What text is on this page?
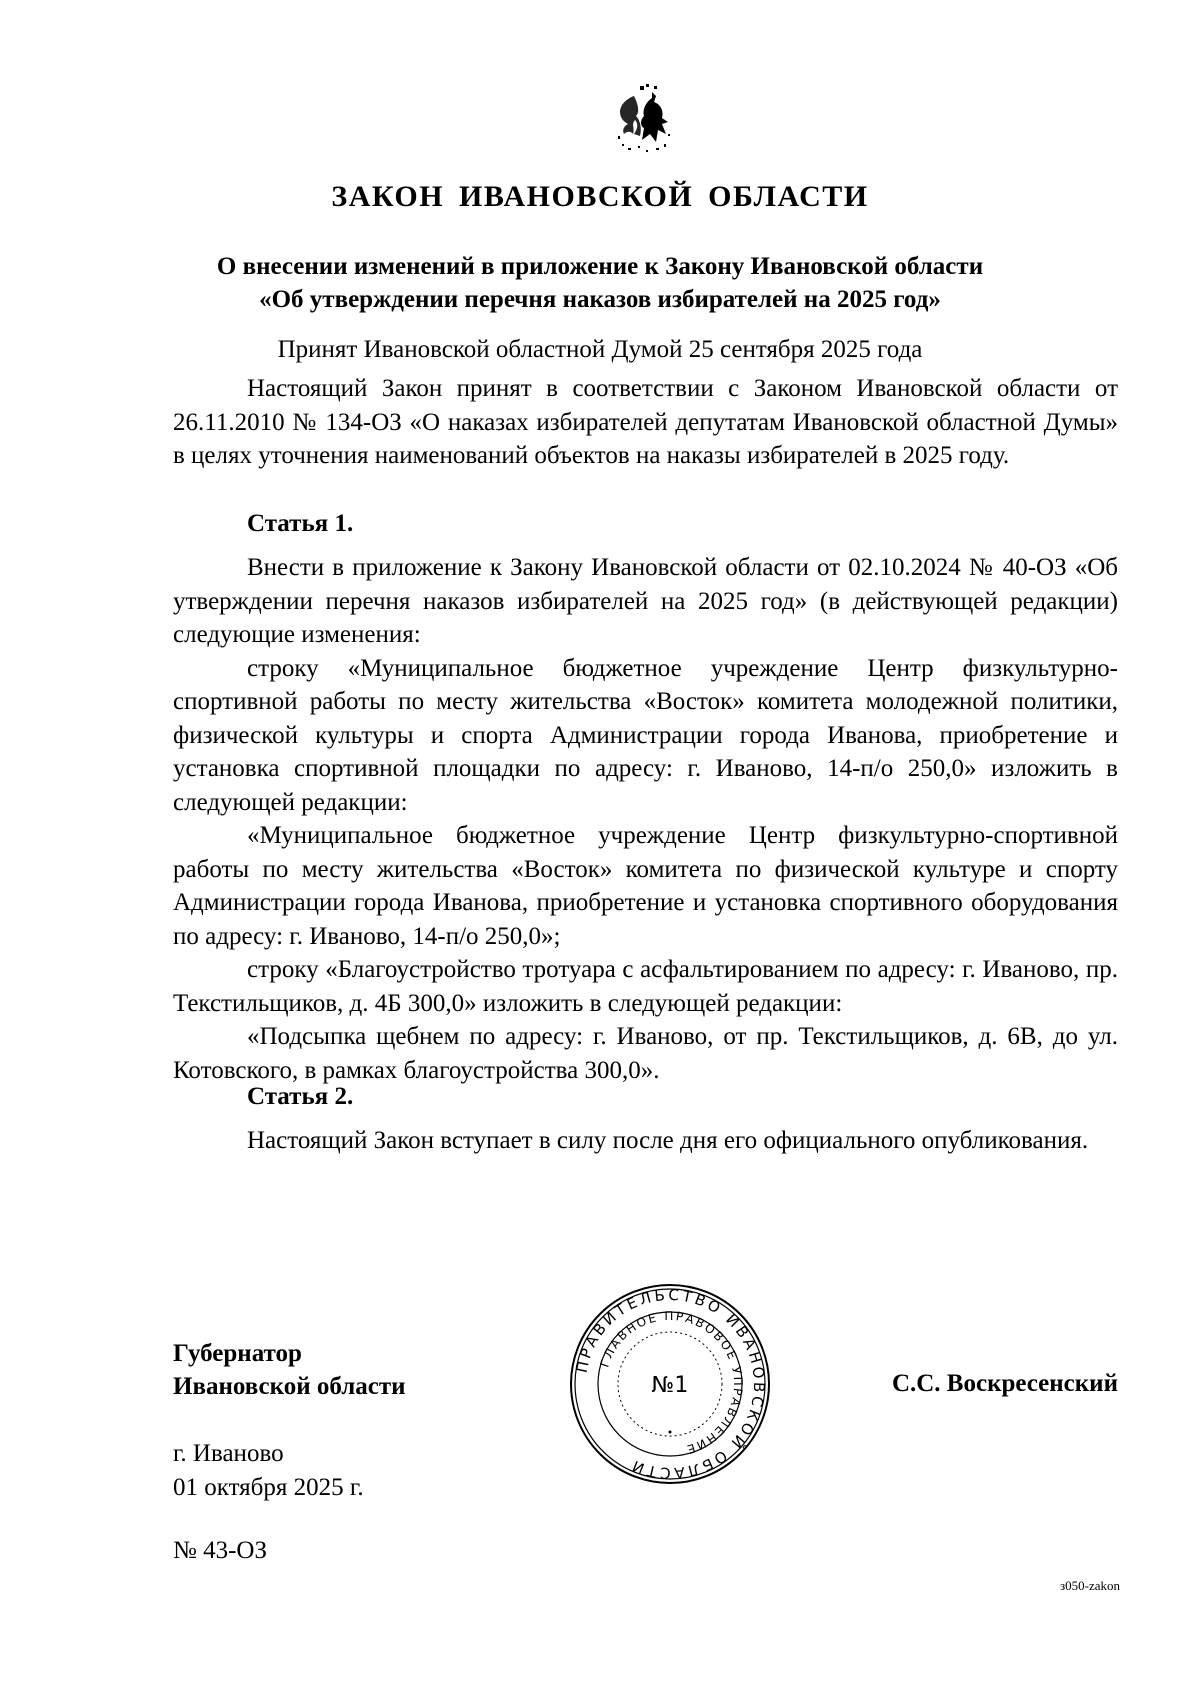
ЗАКОН ИВАНОВСКОЙ ОБЛАСТИ
О внесении изменений в приложение к Закону Ивановской области
«Об утверждении перечня наказов избирателей на 2025 год»
Принят Ивановской областной Думой 25 сентября 2025 года

Настоящий Закон принят в соответствии с Законом Ивановской области от 26.11.2010 № 134-ОЗ «О наказах избирателей депутатам Ивановской областной Думы» в целях уточнения наименований объектов на наказы избирателей в 2025 году.

Статья 1.

Внести в приложение к Закону Ивановской области от 02.10.2024 № 40-ОЗ «Об утверждении перечня наказов избирателей на 2025 год» (в действующей редакции) следующие изменения:

строку «Муниципальное бюджетное учреждение Центр физкультурно-спортивной работы по месту жительства «Восток» комитета молодежной политики, физической культуры и спорта Администрации города Иванова, приобретение и установка спортивной площадки по адресу: г. Иваново, 14-п/о 250,0» изложить в следующей редакции:

«Муниципальное бюджетное учреждение Центр физкультурно-спортивной работы по месту жительства «Восток» комитета по физической культуре и спорту Администрации города Иванова, приобретение и установка спортивного оборудования по адресу: г. Иваново, 14-п/о 250,0»;

строку «Благоустройство тротуара с асфальтированием по адресу: г. Иваново, пр. Текстильщиков, д. 4Б 300,0» изложить в следующей редакции:

«Подсыпка щебнем по адресу: г. Иваново, от пр. Текстильщиков, д. 6В, до ул. Котовского, в рамках благоустройства 300,0».

Статья 2.

Настоящий Закон вступает в силу после дня его официального опубликования.

ПРАВИТЕЛЬСТВО ИВАНОВСКОЙ ОБЛАСТИ
ГЛАВНОЕ ПРАВОВОЕ УПРАВЛЕНИЕ
№1
Губернатор
Ивановской области	С.С. Воскресенский
г. Иваново
01 октября 2025 г.
№ 43-ОЗ
з050-zakon
